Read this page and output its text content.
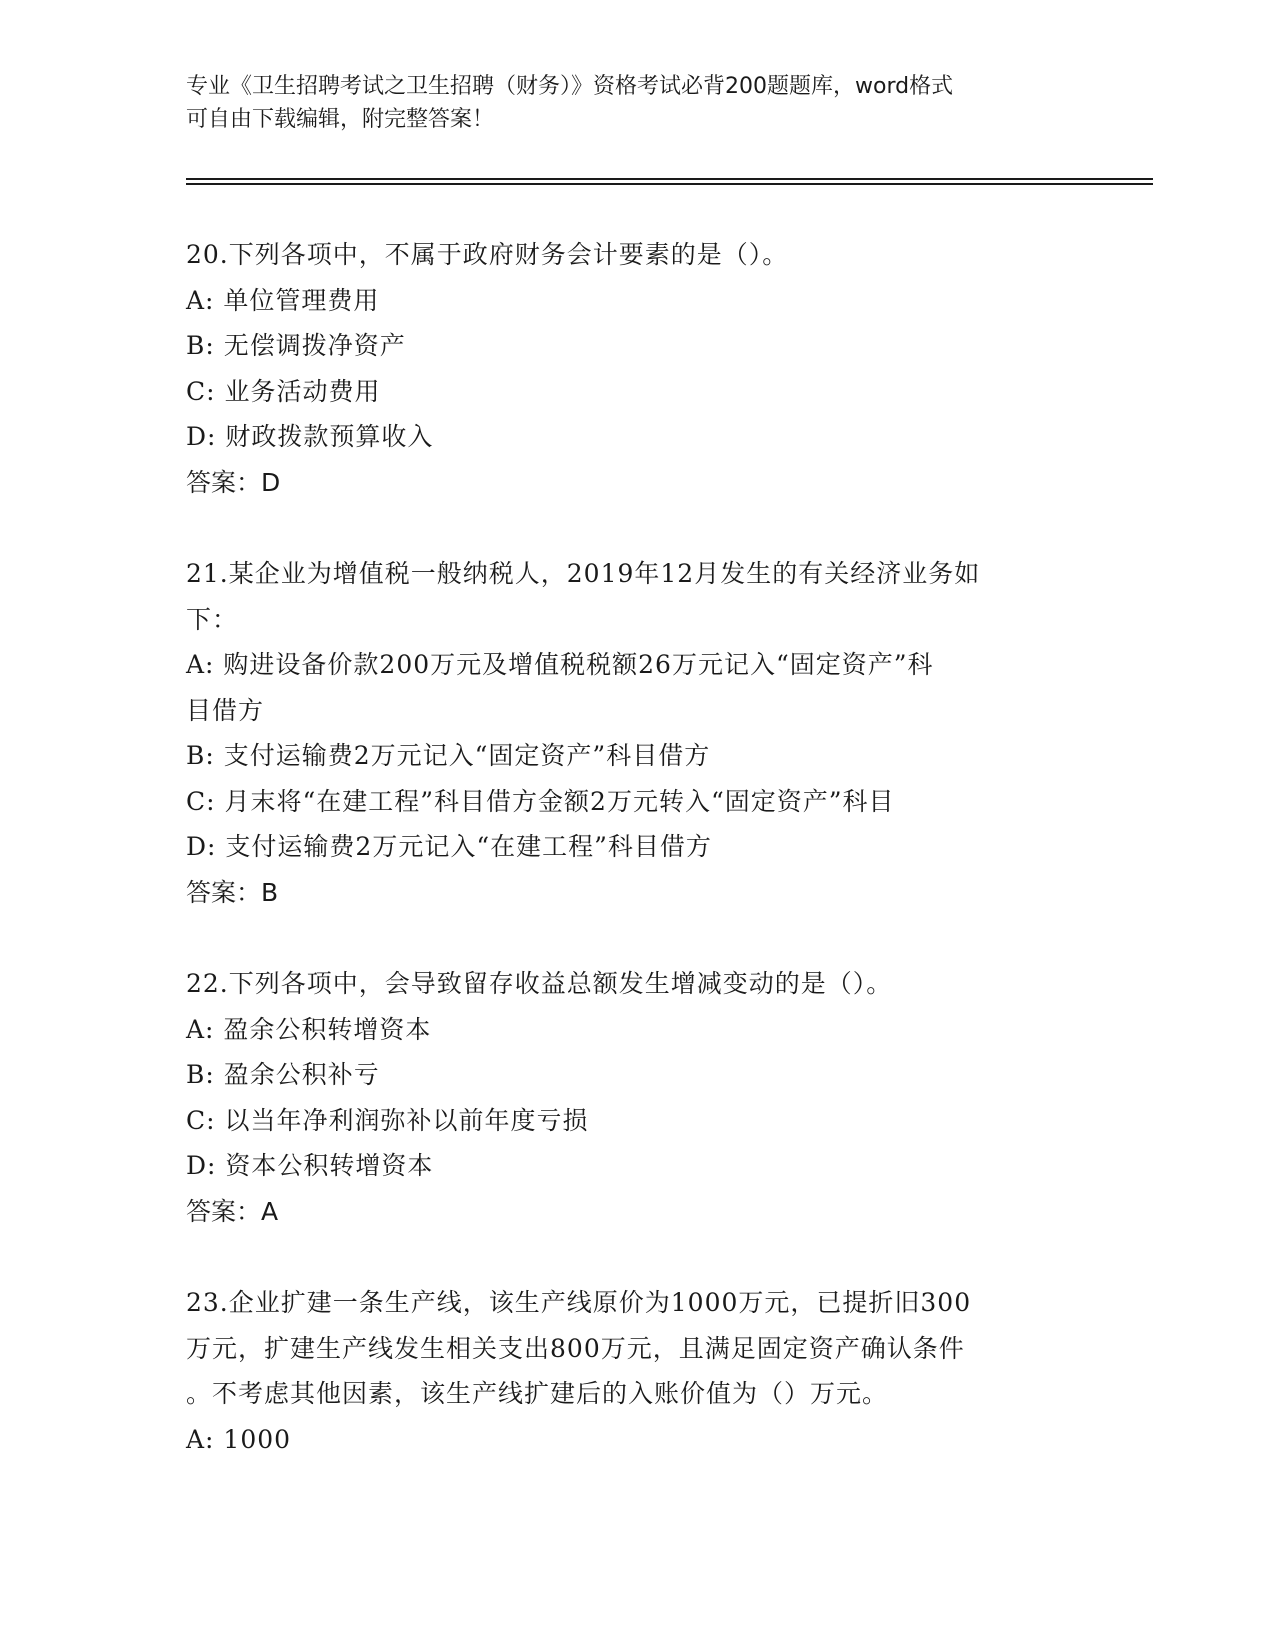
专业《卫生招聘考试之卫生招聘（财务）》资格考试必背200题题库，word格式
可自由下载编辑，附完整答案！
20.下列各项中，不属于政府财务会计要素的是（）。
A: 单位管理费用
B: 无偿调拨净资产
C: 业务活动费用
D: 财政拨款预算收入
答案：D
21.某企业为增值税一般纳税人，2019年12月发生的有关经济业务如
下：
A: 购进设备价款200万元及增值税税额26万元记入“固定资产”科
目借方
B: 支付运输费2万元记入“固定资产”科目借方
C: 月末将“在建工程”科目借方金额2万元转入“固定资产”科目
D: 支付运输费2万元记入“在建工程”科目借方
答案：B
22.下列各项中，会导致留存收益总额发生增减变动的是（）。
A: 盈余公积转增资本
B: 盈余公积补亏
C: 以当年净利润弥补以前年度亏损
D: 资本公积转增资本
答案：A
23.企业扩建一条生产线，该生产线原价为1000万元，已提折旧300
万元，扩建生产线发生相关支出800万元，且满足固定资产确认条件
。不考虑其他因素，该生产线扩建后的入账价值为（）万元。
A: 1000
